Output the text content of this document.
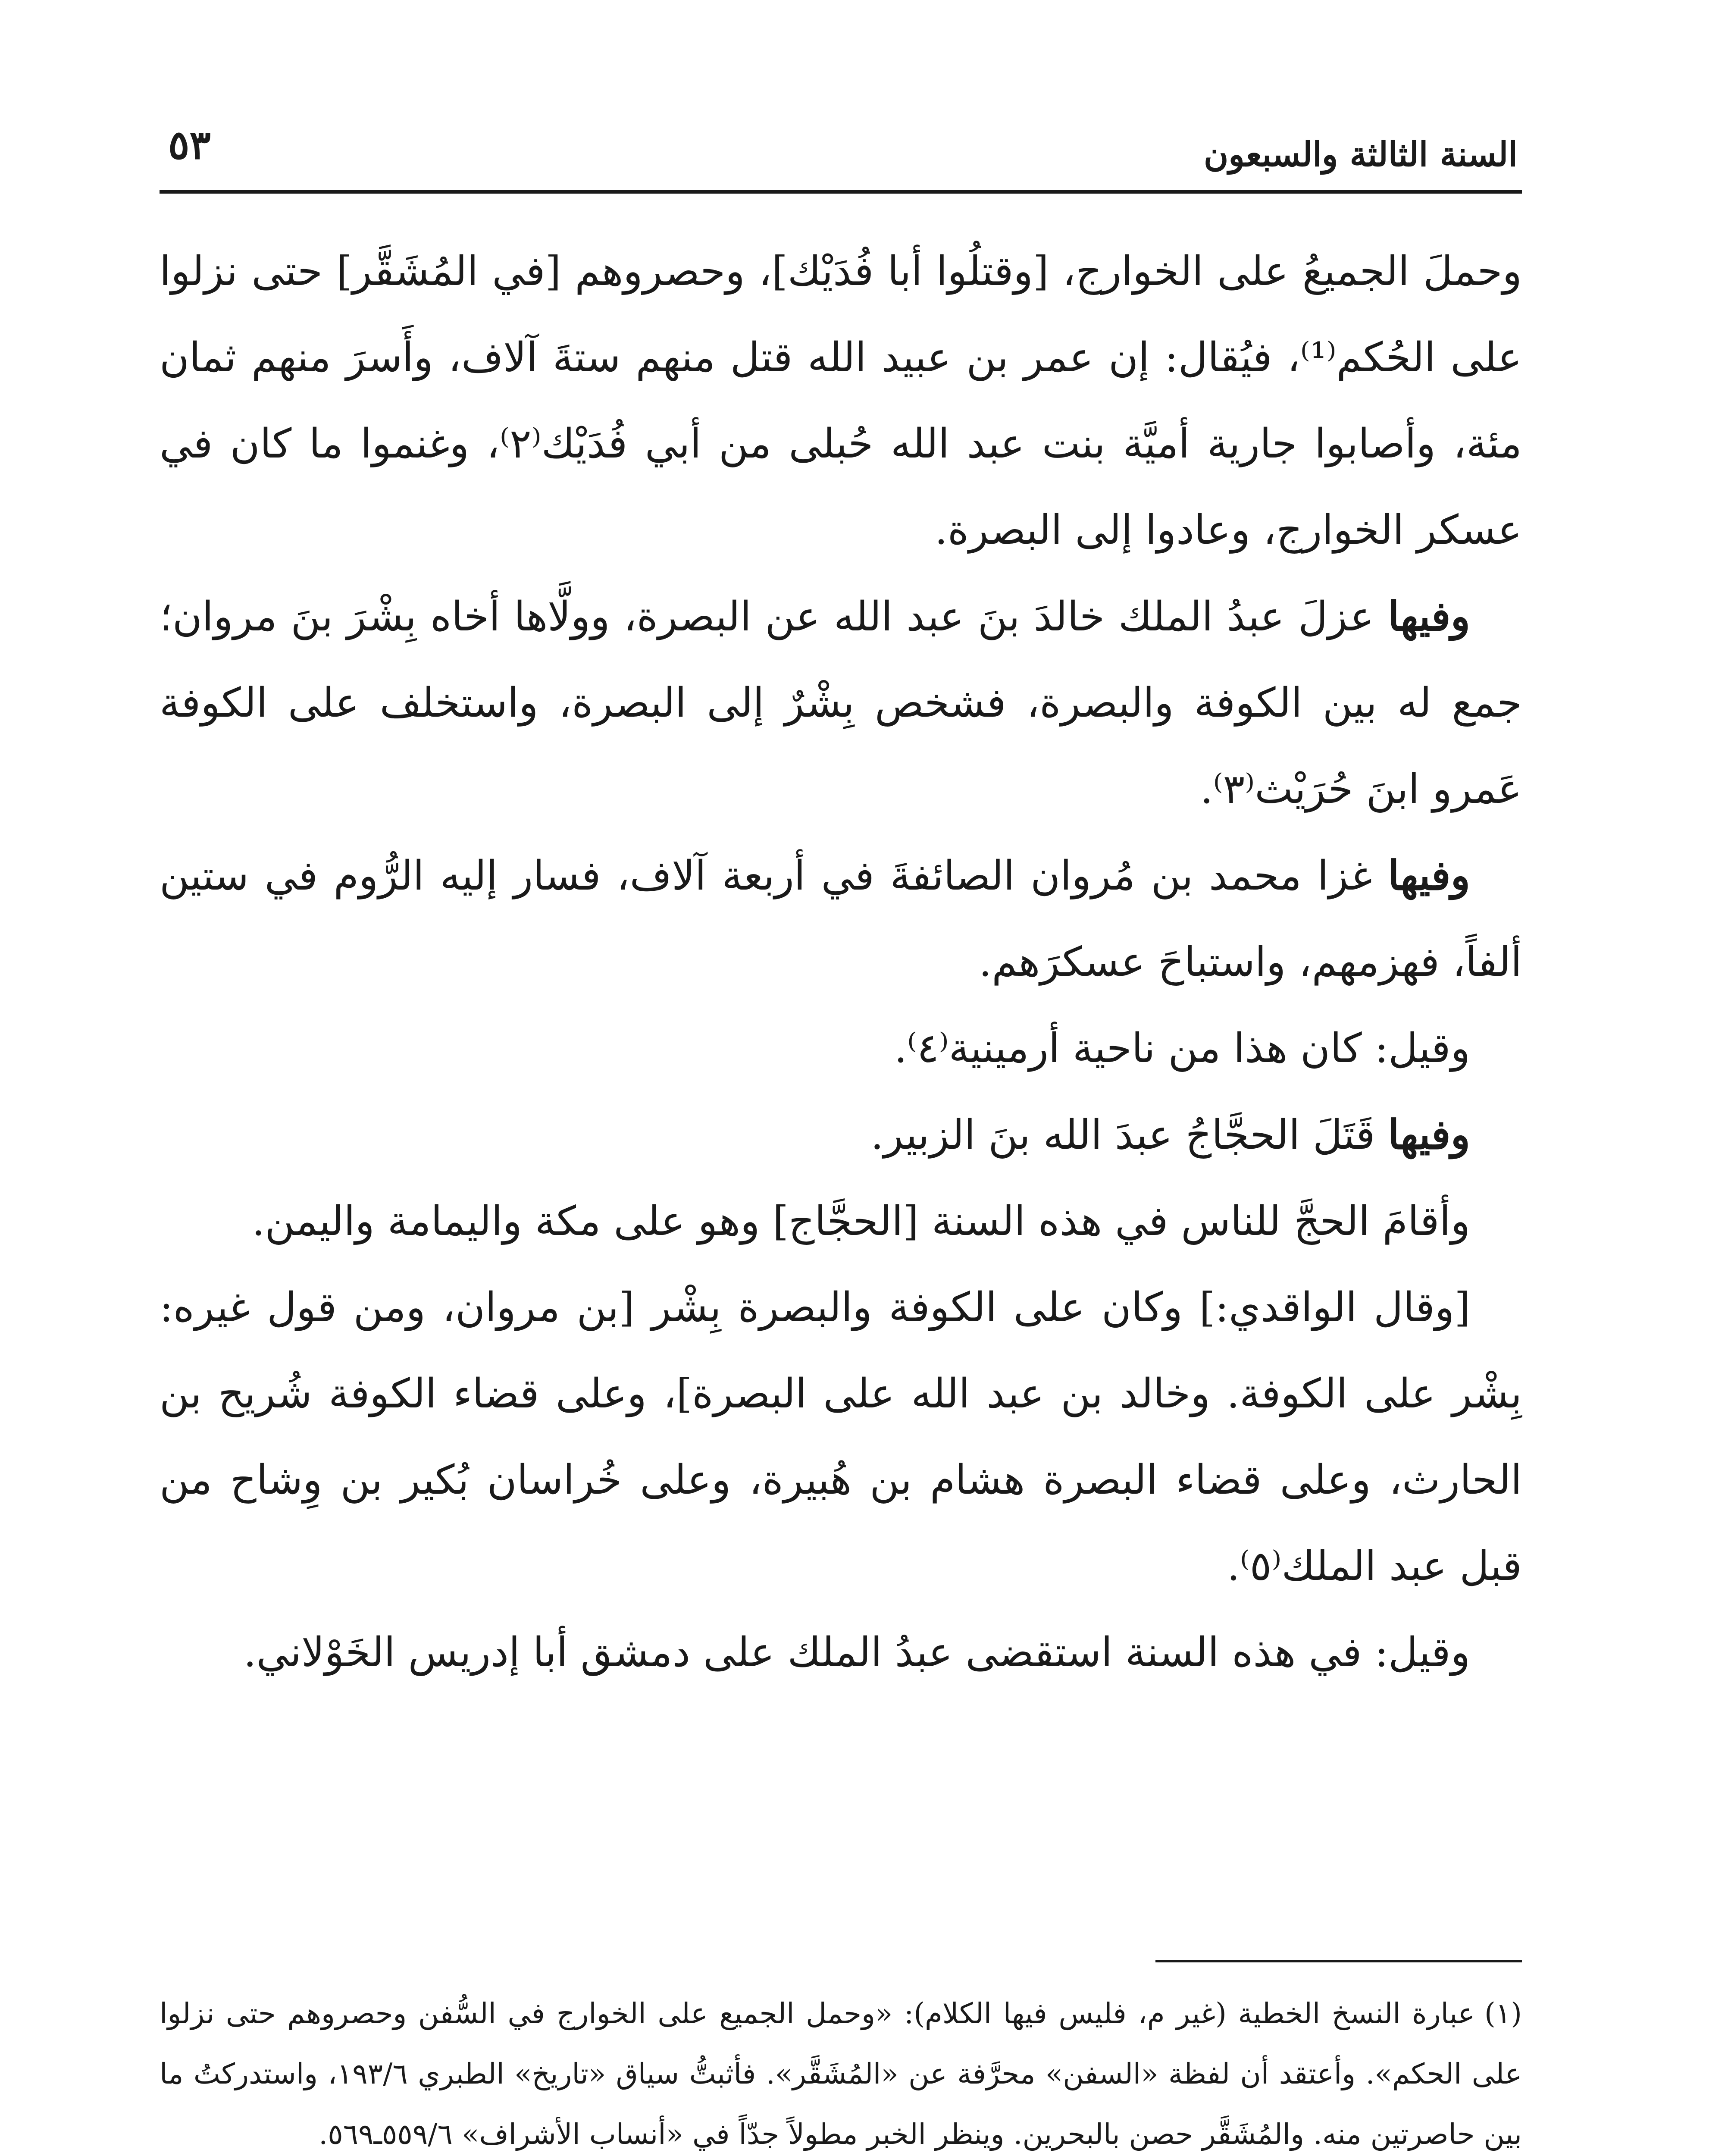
السنة الثالثة والسبعون
٥٣

وحملَ الجميعُ على الخوارج، [وقتلُوا أبا فُدَيْك]، وحصروهم [في المُشَقَّر] حتى نزلوا على الحُكم⁽¹⁾، فيُقال: إن عمر بن عبيد الله قتل منهم ستةَ آلاف، وأَسرَ منهم ثمان مئة، وأصابوا جارية أميَّة بنت عبد الله حُبلى من أبي فُدَيْك⁽٢⁾، وغنموا ما كان في عسكر الخوارج، وعادوا إلى البصرة.

وفيها عزلَ عبدُ الملك خالدَ بنَ عبد الله عن البصرة، وولَّاها أخاه بِشْرَ بنَ مروان؛ جمع له بين الكوفة والبصرة، فشخص بِشْرٌ إلى البصرة، واستخلف على الكوفة عَمرو ابنَ حُرَيْث⁽٣⁾.

وفيها غزا محمد بن مُروان الصائفةَ في أربعة آلاف، فسار إليه الرُّوم في ستين ألفاً، فهزمهم، واستباحَ عسكرَهم.

وقيل: كان هذا من ناحية أرمينية⁽٤⁾.

وفيها قَتَلَ الحجَّاجُ عبدَ الله بنَ الزبير.

وأقامَ الحجَّ للناس في هذه السنة [الحجَّاج] وهو على مكة واليمامة واليمن.

[وقال الواقدي:] وكان على الكوفة والبصرة بِشْر [بن مروان، ومن قول غيره: بِشْر على الكوفة. وخالد بن عبد الله على البصرة]، وعلى قضاء الكوفة شُريح بن الحارث، وعلى قضاء البصرة هشام بن هُبيرة، وعلى خُراسان بُكير بن وِشاح من قبل عبد الملك⁽٥⁾.

وقيل: في هذه السنة استقضى عبدُ الملك على دمشق أبا إدريس الخَوْلاني.

(١)عبارة النسخ الخطية (غير م، فليس فيها الكلام): «وحمل الجميع على الخوارج في السُّفن وحصروهم حتى نزلوا على الحكم». وأعتقد أن لفظة «السفن» محرَّفة عن «المُشَقَّر». فأثبتُّ سياق «تاريخ» الطبري ١٩٣/٦، واستدركتُ ما بين حاصرتين منه. والمُشَقَّر حصن بالبحرين. وينظر الخبر مطولاً جدّاً في «أنساب الأشراف» ٥٥٩/٦ـ٥٦٩.
